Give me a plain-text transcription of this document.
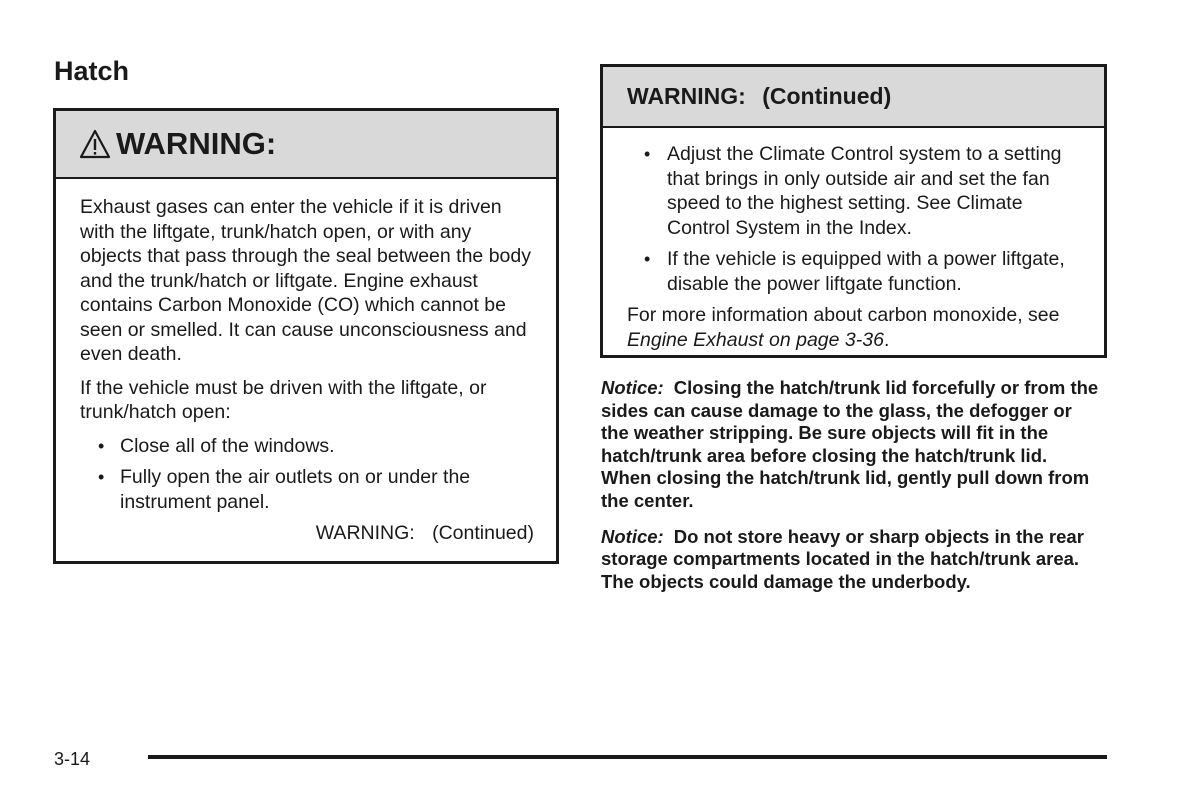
Hatch
WARNING:

Exhaust gases can enter the vehicle if it is driven with the liftgate, trunk/hatch open, or with any objects that pass through the seal between the body and the trunk/hatch or liftgate. Engine exhaust contains Carbon Monoxide (CO) which cannot be seen or smelled. It can cause unconsciousness and even death.

If the vehicle must be driven with the liftgate, or trunk/hatch open:

• Close all of the windows.
• Fully open the air outlets on or under the instrument panel.
WARNING: (Continued)
WARNING: (Continued)
• Adjust the Climate Control system to a setting that brings in only outside air and set the fan speed to the highest setting. See Climate Control System in the Index.
• If the vehicle is equipped with a power liftgate, disable the power liftgate function.

For more information about carbon monoxide, see Engine Exhaust on page 3-36.

Notice: Closing the hatch/trunk lid forcefully or from the sides can cause damage to the glass, the defogger or the weather stripping. Be sure objects will fit in the hatch/trunk area before closing the hatch/trunk lid. When closing the hatch/trunk lid, gently pull down from the center.

Notice: Do not store heavy or sharp objects in the rear storage compartments located in the hatch/trunk area. The objects could damage the underbody.

3-14
